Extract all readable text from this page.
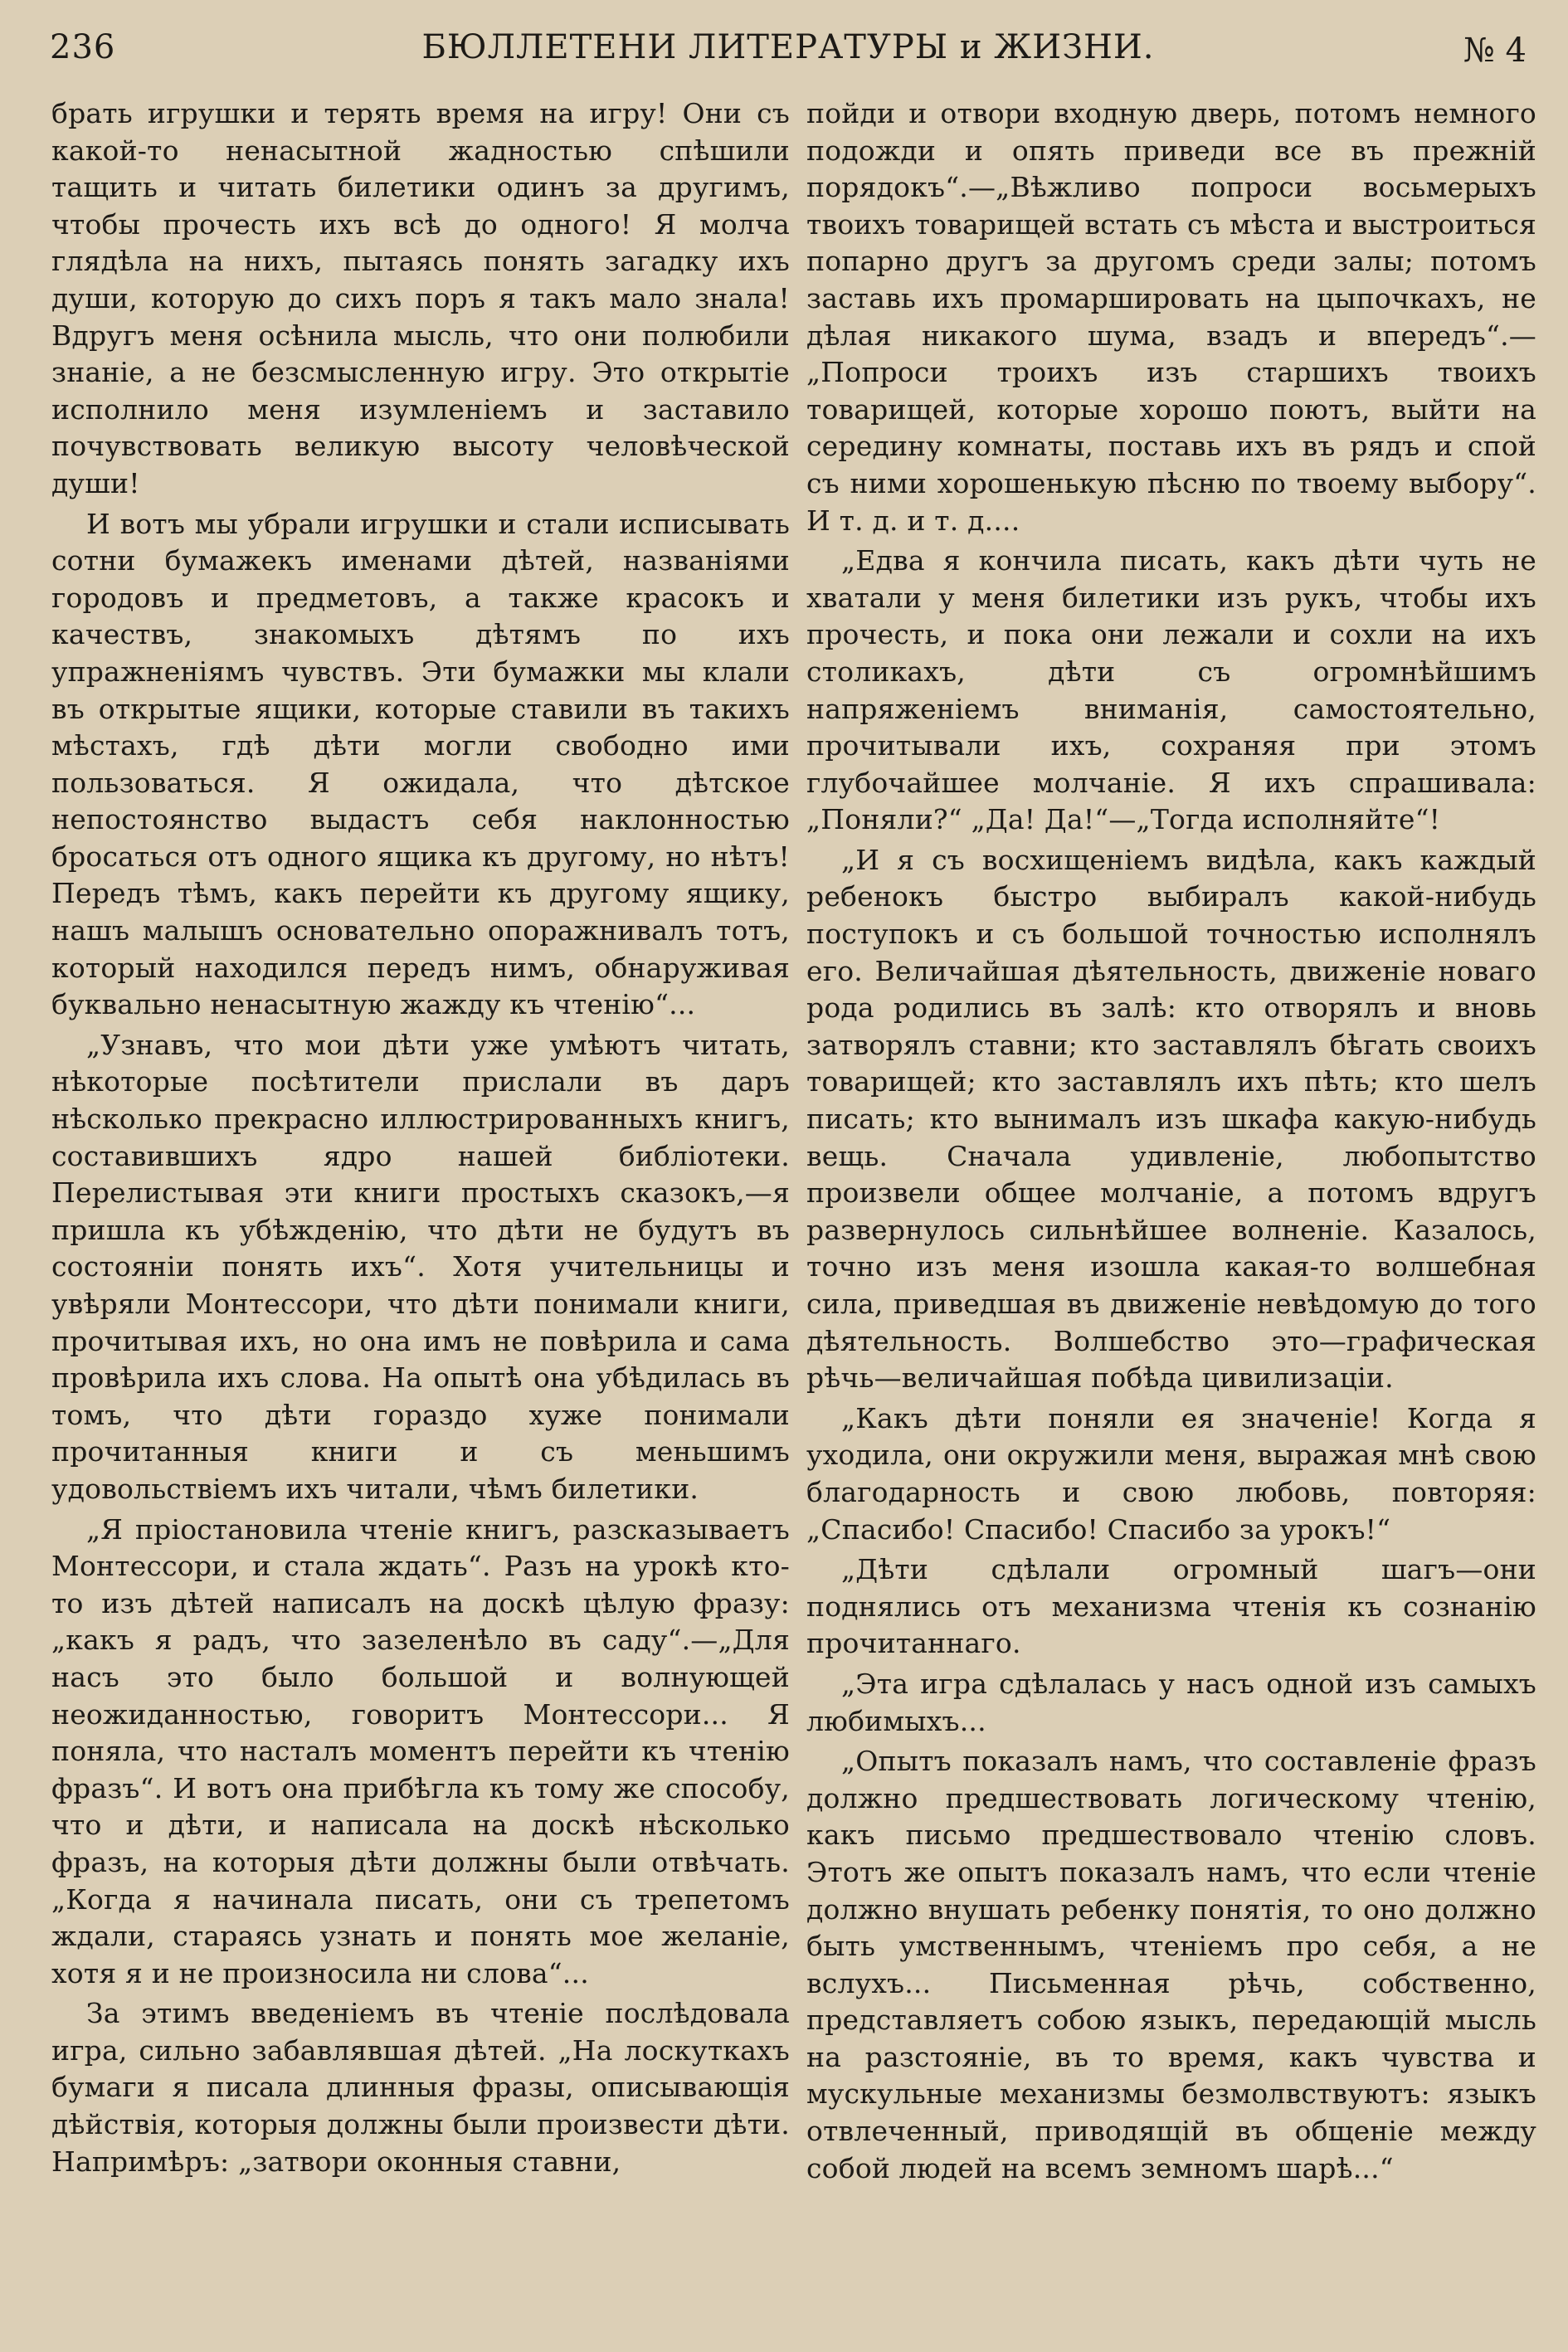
236	БЮЛЛЕТЕНИ ЛИТЕРАТУРЫ и ЖИЗНИ.	№ 4

брать игрушки и терять время на игру! Они съ какой-то ненасытной жадностью спѣшили тащить и читать билетики одинъ за другимъ, чтобы прочесть ихъ всѣ до одного! Я молча глядѣла на нихъ, пытаясь понять загадку ихъ души, которую до сихъ поръ я такъ мало знала! Вдругъ меня осѣнила мысль, что они полюбили знаніе, а не безсмысленную игру. Это открытіе исполнило меня изумленіемъ и заставило почувствовать великую высоту человѣческой души!

И вотъ мы убрали игрушки и стали исписывать сотни бумажекъ именами дѣтей, названіями городовъ и предметовъ, а также красокъ и качествъ, знакомыхъ дѣтямъ по ихъ упражненіямъ чувствъ. Эти бумажки мы клали въ открытые ящики, которые ставили въ такихъ мѣстахъ, гдѣ дѣти могли свободно ими пользоваться. Я ожидала, что дѣтское непостоянство выдастъ себя наклонностью бросаться отъ одного ящика къ другому, но нѣтъ! Передъ тѣмъ, какъ перейти къ другому ящику, нашъ малышъ основательно опоражнивалъ тотъ, который находился передъ нимъ, обнаруживая буквально ненасытную жажду къ чтенію“...

„Узнавъ, что мои дѣти уже умѣютъ читать, нѣкоторые посѣтители прислали въ даръ нѣсколько прекрасно иллюстрированныхъ книгъ, составившихъ ядро нашей библіотеки. Перелистывая эти книги простыхъ сказокъ,—я пришла къ убѣжденію, что дѣти не будутъ въ состояніи понять ихъ“. Хотя учительницы и увѣряли Монтессори, что дѣти понимали книги, прочитывая ихъ, но она имъ не повѣрила и сама провѣрила ихъ слова. На опытѣ она убѣдилась въ томъ, что дѣти гораздо хуже понимали прочитанныя книги и съ меньшимъ удовольствіемъ ихъ читали, чѣмъ билетики.

„Я пріостановила чтеніе книгъ, разсказываетъ Монтессори, и стала ждать“. Разъ на урокѣ кто-то изъ дѣтей написалъ на доскѣ цѣлую фразу: „какъ я радъ, что зазеленѣло въ саду“.—„Для насъ это было большой и волнующей неожиданностью, говоритъ Монтессори... Я поняла, что насталъ моментъ перейти къ чтенію фразъ“. И вотъ она прибѣгла къ тому же способу, что и дѣти, и написала на доскѣ нѣсколько фразъ, на которыя дѣти должны были отвѣчать. „Когда я начинала писать, они съ трепетомъ ждали, стараясь узнать и понять мое желаніе, хотя я и не произносила ни слова“...

За этимъ введеніемъ въ чтеніе послѣдовала игра, сильно забавлявшая дѣтей. „На лоскуткахъ бумаги я писала длинныя фразы, описывающія дѣйствія, которыя должны были произвести дѣти. Напримѣръ: „затвори оконныя ставни,

пойди и отвори входную дверь, потомъ немного подожди и опять приведи все въ прежній порядокъ“.—„Вѣжливо попроси восьмерыхъ твоихъ товарищей встать съ мѣста и выстроиться попарно другъ за другомъ среди залы; потомъ заставь ихъ промаршировать на цыпочкахъ, не дѣлая никакого шума, взадъ и впередъ“.—„Попроси троихъ изъ старшихъ твоихъ товарищей, которые хорошо поютъ, выйти на середину комнаты, поставь ихъ въ рядъ и спой съ ними хорошенькую пѣсню по твоему выбору“. И т. д. и т. д....

„Едва я кончила писать, какъ дѣти чуть не хватали у меня билетики изъ рукъ, чтобы ихъ прочесть, и пока они лежали и сохли на ихъ столикахъ, дѣти съ огромнѣйшимъ напряженіемъ вниманія, самостоятельно, прочитывали ихъ, сохраняя при этомъ глубочайшее молчаніе. Я ихъ спрашивала: „Поняли?“ „Да! Да!“—„Тогда исполняйте“!

„И я съ восхищеніемъ видѣла, какъ каждый ребенокъ быстро выбиралъ какой-нибудь поступокъ и съ большой точностью исполнялъ его. Величайшая дѣятельность, движеніе новаго рода родились въ залѣ: кто отворялъ и вновь затворялъ ставни; кто заставлялъ бѣгать своихъ товарищей; кто заставлялъ ихъ пѣть; кто шелъ писать; кто вынималъ изъ шкафа какую-нибудь вещь. Сначала удивленіе, любопытство произвели общее молчаніе, а потомъ вдругъ развернулось сильнѣйшее волненіе. Казалось, точно изъ меня изошла какая-то волшебная сила, приведшая въ движеніе невѣдомую до того дѣятельность. Волшебство это—графическая рѣчь—величайшая побѣда цивилизаціи.

„Какъ дѣти поняли ея значеніе! Когда я уходила, они окружили меня, выражая мнѣ свою благодарность и свою любовь, повторяя: „Спасибо! Спасибо! Спасибо за урокъ!“

„Дѣти сдѣлали огромный шагъ—они поднялись отъ механизма чтенія къ сознанію прочитаннаго.

„Эта игра сдѣлалась у насъ одной изъ самыхъ любимыхъ...

„Опытъ показалъ намъ, что составленіе фразъ должно предшествовать логическому чтенію, какъ письмо предшествовало чтенію словъ. Этотъ же опытъ показалъ намъ, что если чтеніе должно внушать ребенку понятія, то оно должно быть умственнымъ, чтеніемъ про себя, а не вслухъ... Письменная рѣчь, собственно, представляетъ собою языкъ, передающій мысль на разстояніе, въ то время, какъ чувства и мускульные механизмы безмолвствуютъ: языкъ отвлеченный, приводящій въ общеніе между собой людей на всемъ земномъ шарѣ...“
